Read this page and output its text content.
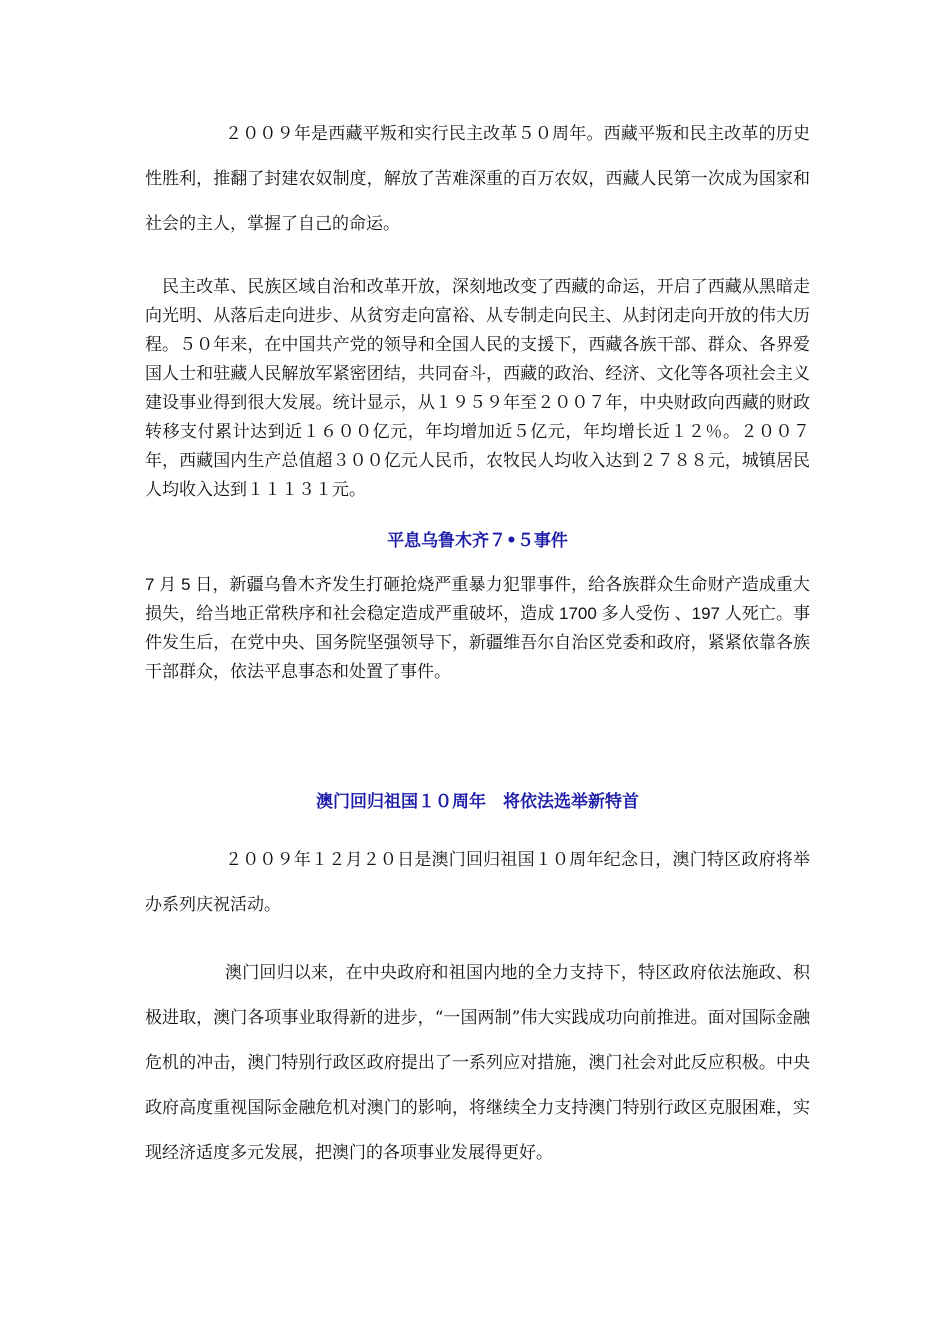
２００９年是西藏平叛和实行民主改革５０周年。西藏平叛和民主改革的历史性胜利，推翻了封建农奴制度，解放了苦难深重的百万农奴，西藏人民第一次成为国家和社会的主人，掌握了自己的命运。

民主改革、民族区域自治和改革开放，深刻地改变了西藏的命运，开启了西藏从黑暗走向光明、从落后走向进步、从贫穷走向富裕、从专制走向民主、从封闭走向开放的伟大历程。５０年来，在中国共产党的领导和全国人民的支援下，西藏各族干部、群众、各界爱国人士和驻藏人民解放军紧密团结，共同奋斗，西藏的政治、经济、文化等各项社会主义建设事业得到很大发展。统计显示，从１９５９年至２００７年，中央财政向西藏的财政转移支付累计达到近１６００亿元，年均增加近５亿元，年均增长近１２％。２００７年，西藏国内生产总值超３００亿元人民币，农牧民人均收入达到２７８８元，城镇居民人均收入达到１１１３１元。

平息乌鲁木齐７•５事件

7 月 5 日，新疆乌鲁木齐发生打砸抢烧严重暴力犯罪事件，给各族群众生命财产造成重大损失，给当地正常秩序和社会稳定造成严重破坏，造成 1700 多人受伤 、197 人死亡。事件发生后，在党中央、国务院坚强领导下，新疆维吾尔自治区党委和政府，紧紧依靠各族干部群众，依法平息事态和处置了事件。

澳门回归祖国１０周年　将依法选举新特首

２００９年１２月２０日是澳门回归祖国１０周年纪念日，澳门特区政府将举办系列庆祝活动。

澳门回归以来，在中央政府和祖国内地的全力支持下，特区政府依法施政、积极进取，澳门各项事业取得新的进步，“一国两制”伟大实践成功向前推进。面对国际金融危机的冲击，澳门特别行政区政府提出了一系列应对措施，澳门社会对此反应积极。中央政府高度重视国际金融危机对澳门的影响，将继续全力支持澳门特别行政区克服困难，实现经济适度多元发展，把澳门的各项事业发展得更好。
